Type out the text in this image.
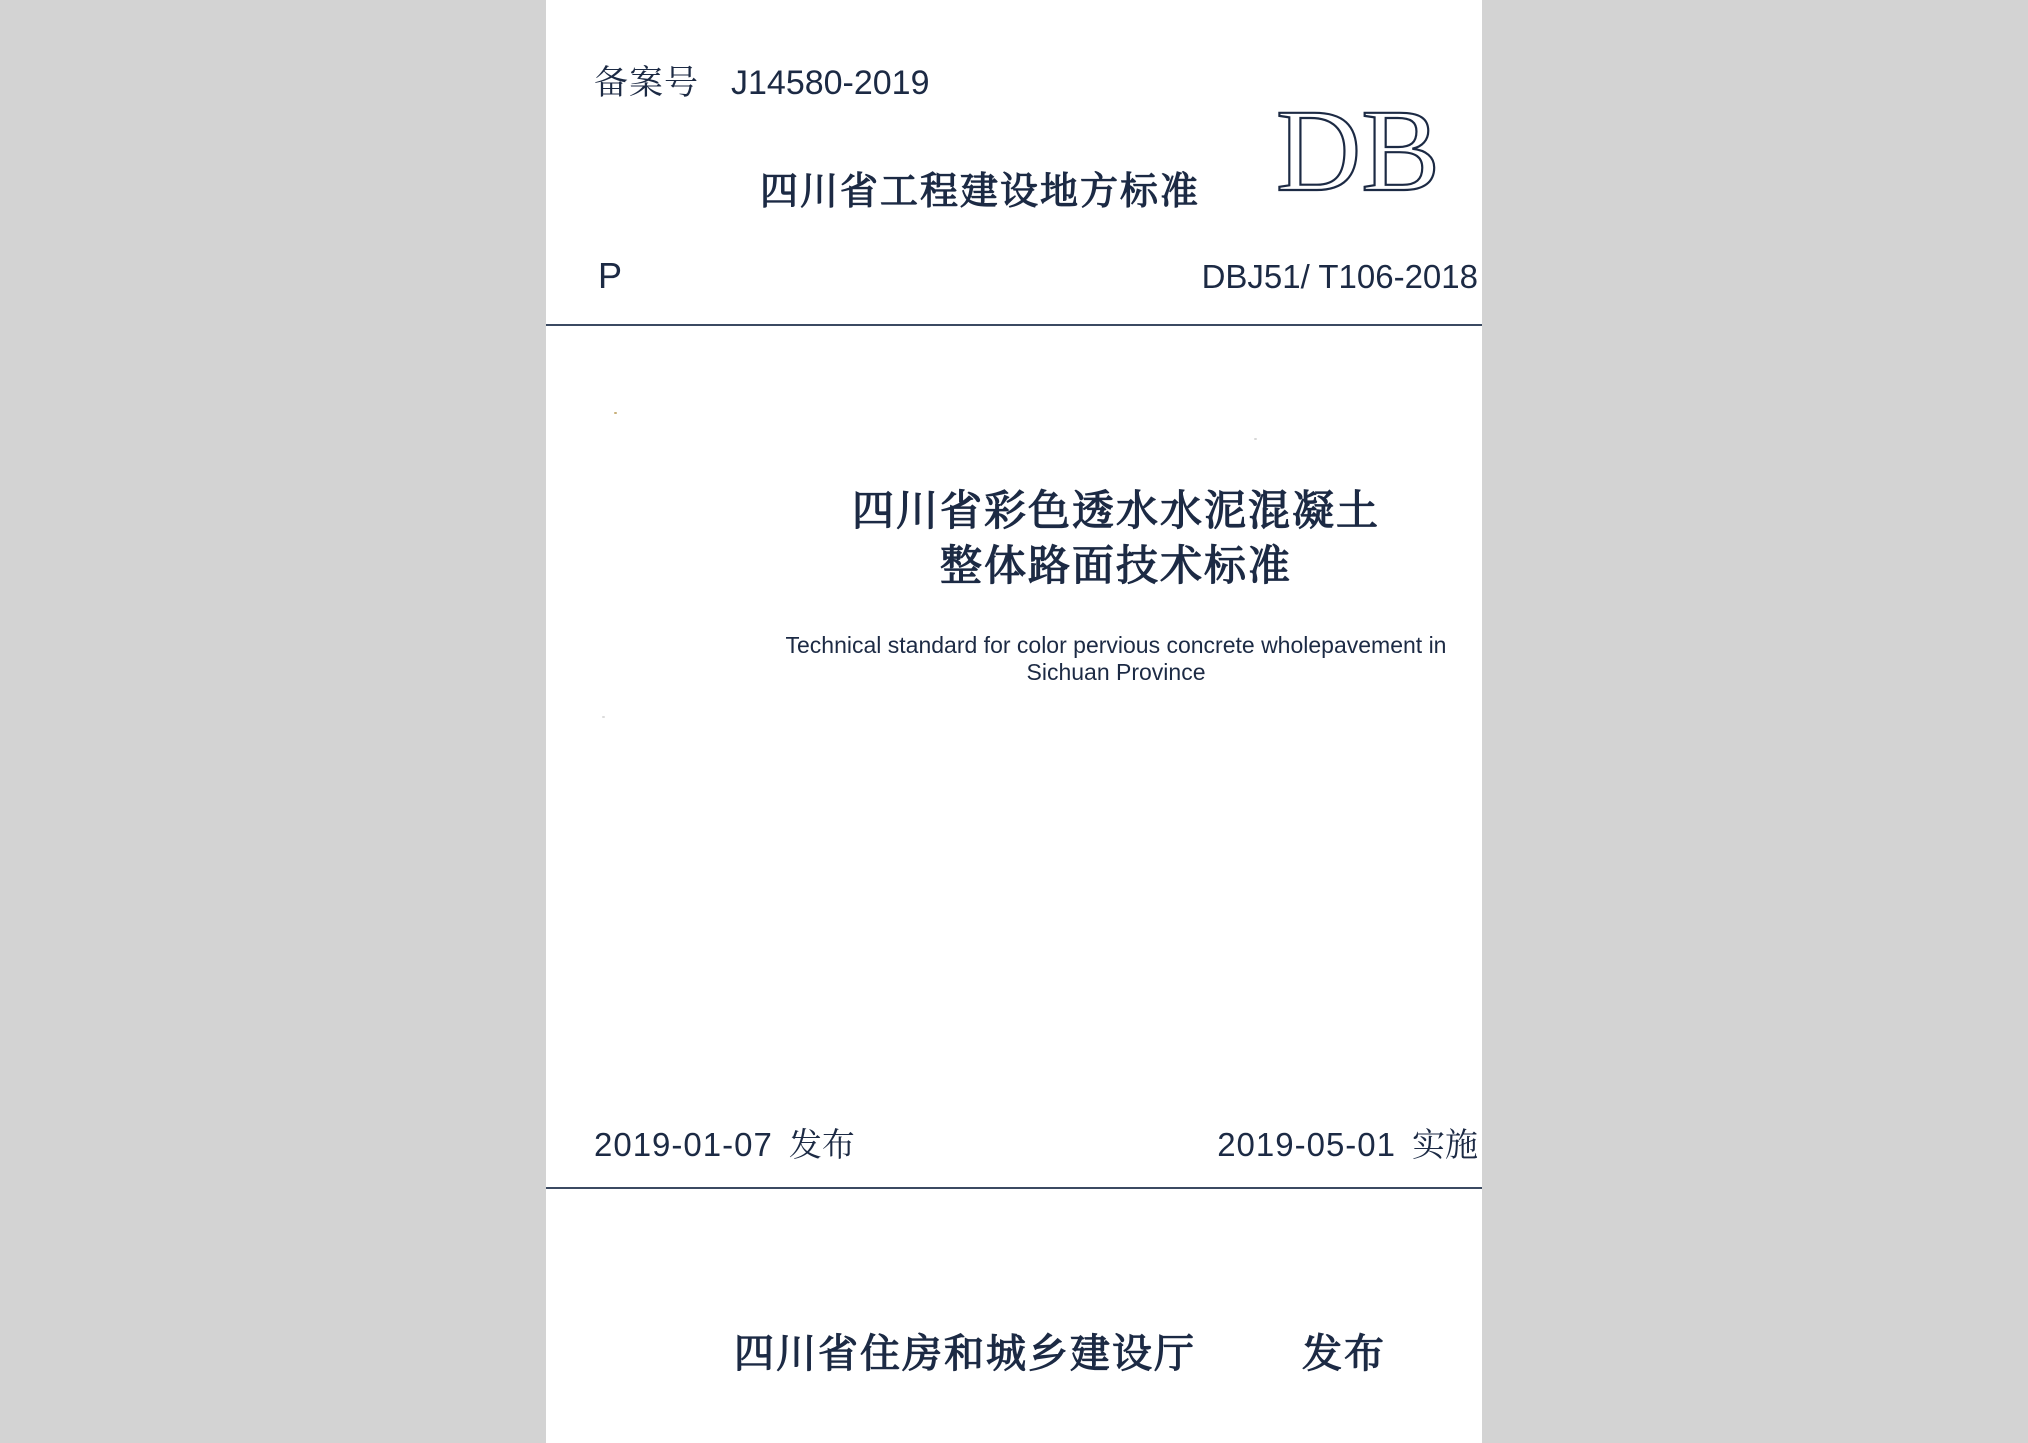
备案号 J14580-2019
四川省工程建设地方标准 DB
P	DBJ51/ T106-2018
四川省彩色透水水泥混凝土
整体路面技术标准
Technical standard for color pervious concrete wholepavement in
Sichuan Province
2019-01-07 发布	2019-05-01 实施
四川省住房和城乡建设厅	发布
